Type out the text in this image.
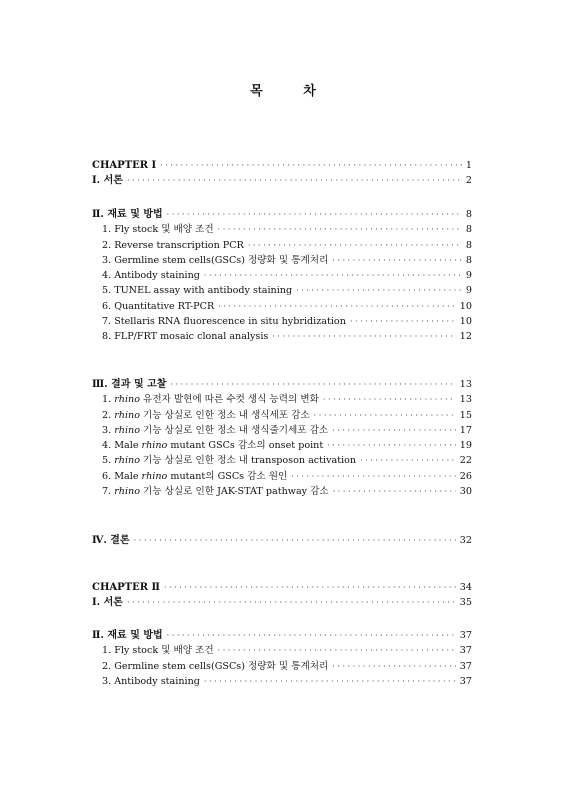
목 차
CHAPTER Ⅰ · · ·	1
Ⅰ. 서론 · · ·	2
Ⅱ. 재료 및 방법 · · ·	8
1. Fly stock 및 배양 조건 · · ·	8
2. Reverse transcription PCR · · ·	8
3. Germline stem cells(GSCs) 정량화 및 통계처리 · · ·	8
4. Antibody staining · · ·	9
5. TUNEL assay with antibody staining · · ·	9
6. Quantitative RT-PCR · · ·	10
7. Stellaris RNA fluorescence in situ hybridization · · ·	10
8. FLP/FRT mosaic clonal analysis · · ·	12
Ⅲ. 결과 및 고찰 · · ·	13
1. rhino 유전자 발현에 따른 수컷 생식 능력의 변화 · · ·	13
2. rhino 기능 상실로 인한 정소 내 생식세포 감소 · · ·	15
3. rhino 기능 상실로 인한 정소 내 생식줄기세포 감소 · · ·	17
4. Male rhino mutant GSCs 감소의 onset point · · ·	19
5. rhino 기능 상실로 인한 정소 내 transposon activation · · ·	22
6. Male rhino mutant의 GSCs 감소 원인 · · ·	26
7. rhino 기능 상실로 인한 JAK-STAT pathway 감소 · · ·	30
Ⅳ. 결론 · · ·	32
CHAPTER Ⅱ · · ·	34
Ⅰ. 서론 · · ·	35
Ⅱ. 재료 및 방법 · · ·	37
1. Fly stock 및 배양 조건 · · ·	37
2. Germline stem cells(GSCs) 정량화 및 통계처리 · · ·	37
3. Antibody staining · · ·	37
